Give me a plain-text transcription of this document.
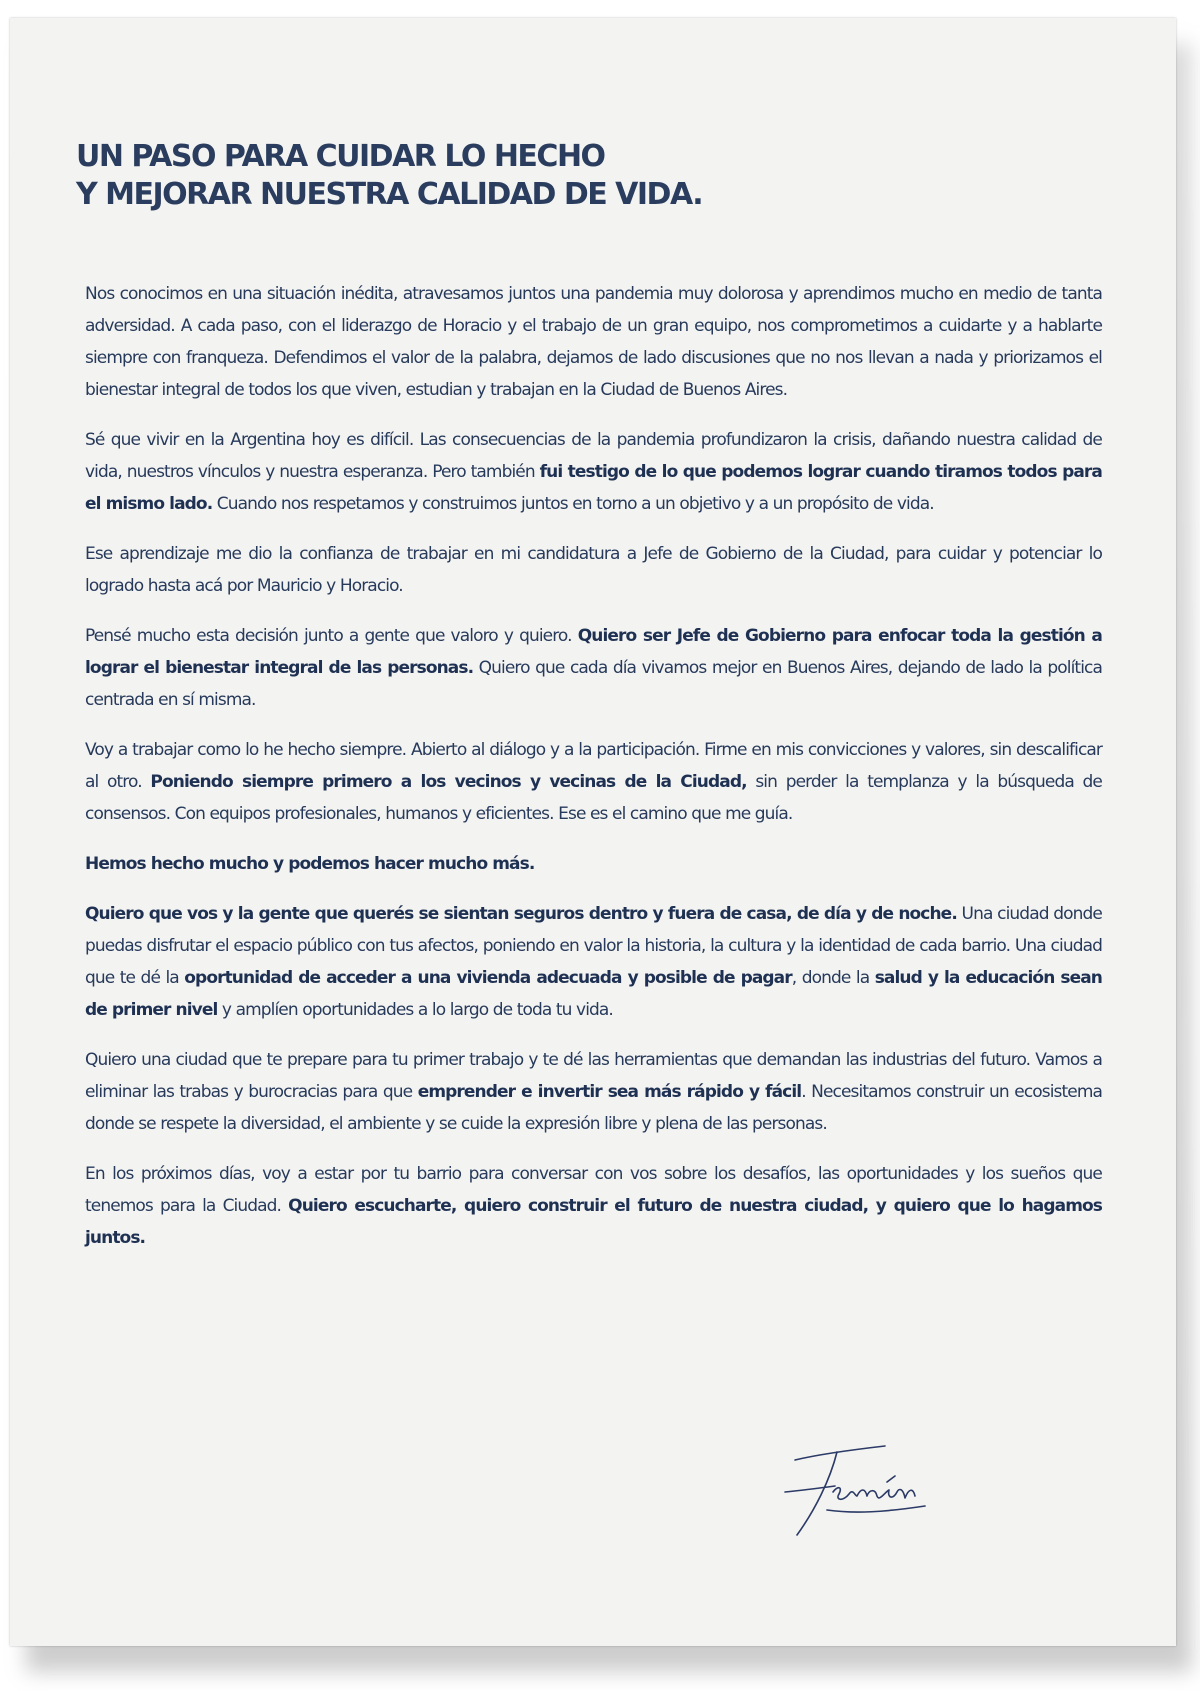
UN PASO PARA CUIDAR LO HECHO
Y MEJORAR NUESTRA CALIDAD DE VIDA.

Nos conocimos en una situación inédita, atravesamos juntos una pandemia muy dolorosa y aprendimos mucho en medio de tanta adversidad. A cada paso, con el liderazgo de Horacio y el trabajo de un gran equipo, nos comprometimos a cuidarte y a hablarte siempre con franqueza. Defendimos el valor de la palabra, dejamos de lado discusiones que no nos llevan a nada y priorizamos el bienestar integral de todos los que viven, estudian y trabajan en la Ciudad de Buenos Aires.

Sé que vivir en la Argentina hoy es difícil. Las consecuencias de la pandemia profundizaron la crisis, dañando nuestra calidad de vida, nuestros vínculos y nuestra esperanza. Pero también fui testigo de lo que podemos lograr cuando tiramos todos para el mismo lado. Cuando nos respetamos y construimos juntos en torno a un objetivo y a un propósito de vida.

Ese aprendizaje me dio la confianza de trabajar en mi candidatura a Jefe de Gobierno de la Ciudad, para cuidar y potenciar lo logrado hasta acá por Mauricio y Horacio.

Pensé mucho esta decisión junto a gente que valoro y quiero. Quiero ser Jefe de Gobierno para enfocar toda la gestión a lograr el bienestar integral de las personas. Quiero que cada día vivamos mejor en Buenos Aires, dejando de lado la política centrada en sí misma.

Voy a trabajar como lo he hecho siempre. Abierto al diálogo y a la participación. Firme en mis convicciones y valores, sin descalificar al otro. Poniendo siempre primero a los vecinos y vecinas de la Ciudad, sin perder la templanza y la búsqueda de consensos. Con equipos profesionales, humanos y eficientes. Ese es el camino que me guía.

Hemos hecho mucho y podemos hacer mucho más.

Quiero que vos y la gente que querés se sientan seguros dentro y fuera de casa, de día y de noche. Una ciudad donde puedas disfrutar el espacio público con tus afectos, poniendo en valor la historia, la cultura y la identidad de cada barrio. Una ciudad que te dé la oportunidad de acceder a una vivienda adecuada y posible de pagar, donde la salud y la educación sean de primer nivel y amplíen oportunidades a lo largo de toda tu vida.

Quiero una ciudad que te prepare para tu primer trabajo y te dé las herramientas que demandan las industrias del futuro. Vamos a eliminar las trabas y burocracias para que emprender e invertir sea más rápido y fácil. Necesitamos construir un ecosistema donde se respete la diversidad, el ambiente y se cuide la expresión libre y plena de las personas.

En los próximos días, voy a estar por tu barrio para conversar con vos sobre los desafíos, las oportunidades y los sueños que tenemos para la Ciudad. Quiero escucharte, quiero construir el futuro de nuestra ciudad, y quiero que lo hagamos juntos.
